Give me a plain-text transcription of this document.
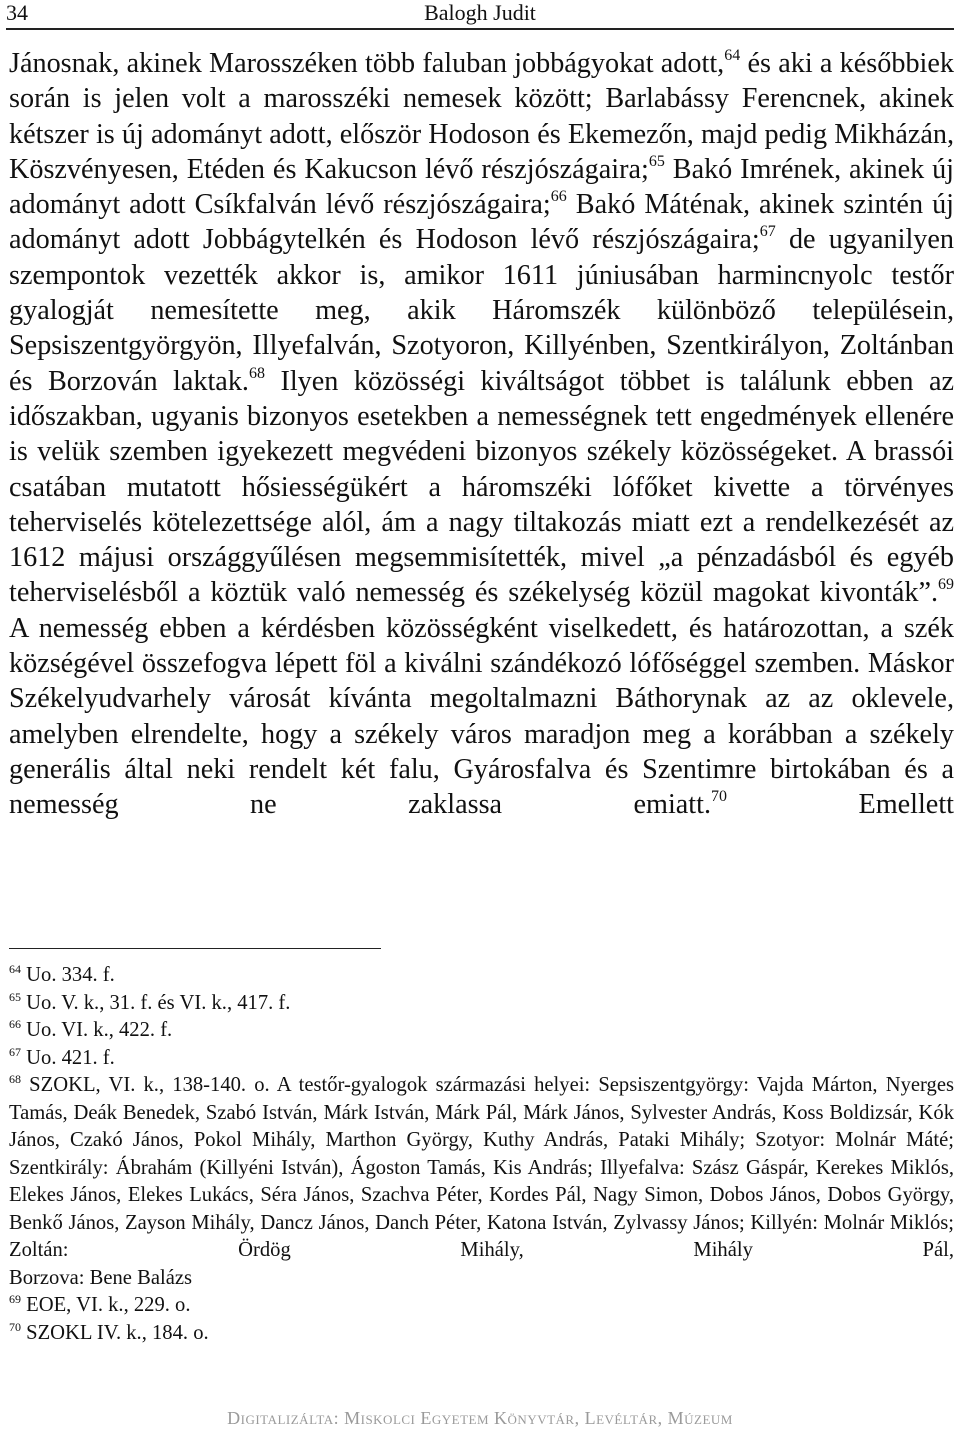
34	Balogh Judit

Jánosnak, akinek Marosszéken több faluban jobbágyokat adott,$^{64}$ és aki a későbbiek során is jelen volt a marosszéki nemesek között; Barlabássy Ferencnek, akinek kétszer is új adományt adott, először Hodoson és Ekemezőn, majd pedig Mikházán, Köszvényesen, Etéden és Kakucson lévő részjószágaira;$^{65}$ Bakó Imrének, akinek új adományt adott Csíkfalván lévő részjószágaira;$^{66}$ Bakó Máténak, akinek szintén új adományt adott Jobbágytelkén és Hodoson lévő részjószágaira;$^{67}$ de ugyanilyen szempontok vezették akkor is, amikor 1611 júniusában harmincnyolc testőr gyalogját nemesítette meg, akik Háromszék különböző településein, Sepsiszentgyörgyön, Illyefalván, Szotyoron, Killyénben, Szentkirályon, Zoltánban és Borzován laktak.$^{68}$ Ilyen közösségi kiváltságot többet is találunk ebben az időszakban, ugyanis bizonyos esetekben a nemességnek tett engedmények ellenére is velük szemben igyekezett megvédeni bizonyos székely közösségeket. A brassói csatában mutatott hősiességükért a háromszéki lófőket kivette a törvényes teherviselés kötelezettsége alól, ám a nagy tiltakozás miatt ezt a rendelkezését az 1612 májusi országgyűlésen megsemmisítették, mivel „a pénzadásból és egyéb teherviselésből a köztük való nemesség és székelység közül magokat kivonták”.$^{69}$ A nemesség ebben a kérdésben közösségként viselkedett, és határozottan, a szék községével összefogva lépett föl a kiválni szándékozó lófőséggel szemben. Máskor Székelyudvarhely városát kívánta megoltalmazni Báthorynak az az oklevele, amelyben elrendelte, hogy a székely város maradjon meg a korábban a székely generális által neki rendelt két falu, Gyárosfalva és Szentimre birtokában és a nemesség ne zaklassa emiatt.$^{70}$ Emellett

$^{64}$ Uo. 334. f.

$^{65}$ Uo. V. k., 31. f. és VI. k., 417. f.

$^{66}$ Uo. VI. k., 422. f.

$^{67}$ Uo. 421. f.

$^{68}$ SZOKL, VI. k., 138-140. o. A testőr-gyalogok származási helyei: Sepsiszentgyörgy: Vajda Márton, Nyerges Tamás, Deák Benedek, Szabó István, Márk István, Márk Pál, Márk János, Sylvester András, Koss Boldizsár, Kók János, Czakó János, Pokol Mihály, Marthon György, Kuthy András, Pataki Mihály; Szotyor: Molnár Máté; Szentkirály: Ábrahám (Killyéni István), Ágoston Tamás, Kis András; Illyefalva: Szász Gáspár, Kerekes Miklós, Elekes János, Elekes Lukács, Séra János, Szachva Péter, Kordes Pál, Nagy Simon, Dobos János, Dobos György, Benkő János, Zayson Mihály, Dancz János, Danch Péter, Katona István, Zylvassy János; Killyén: Molnár Miklós; Zoltán: Ördög Mihály, Mihály Pál,

Borzova: Bene Balázs

$^{69}$ EOE, VI. k., 229. o.

$^{70}$ SZOKL IV. k., 184. o.

Digitalizálta: Miskolci Egyetem Könyvtár, Levéltár, Múzeum
